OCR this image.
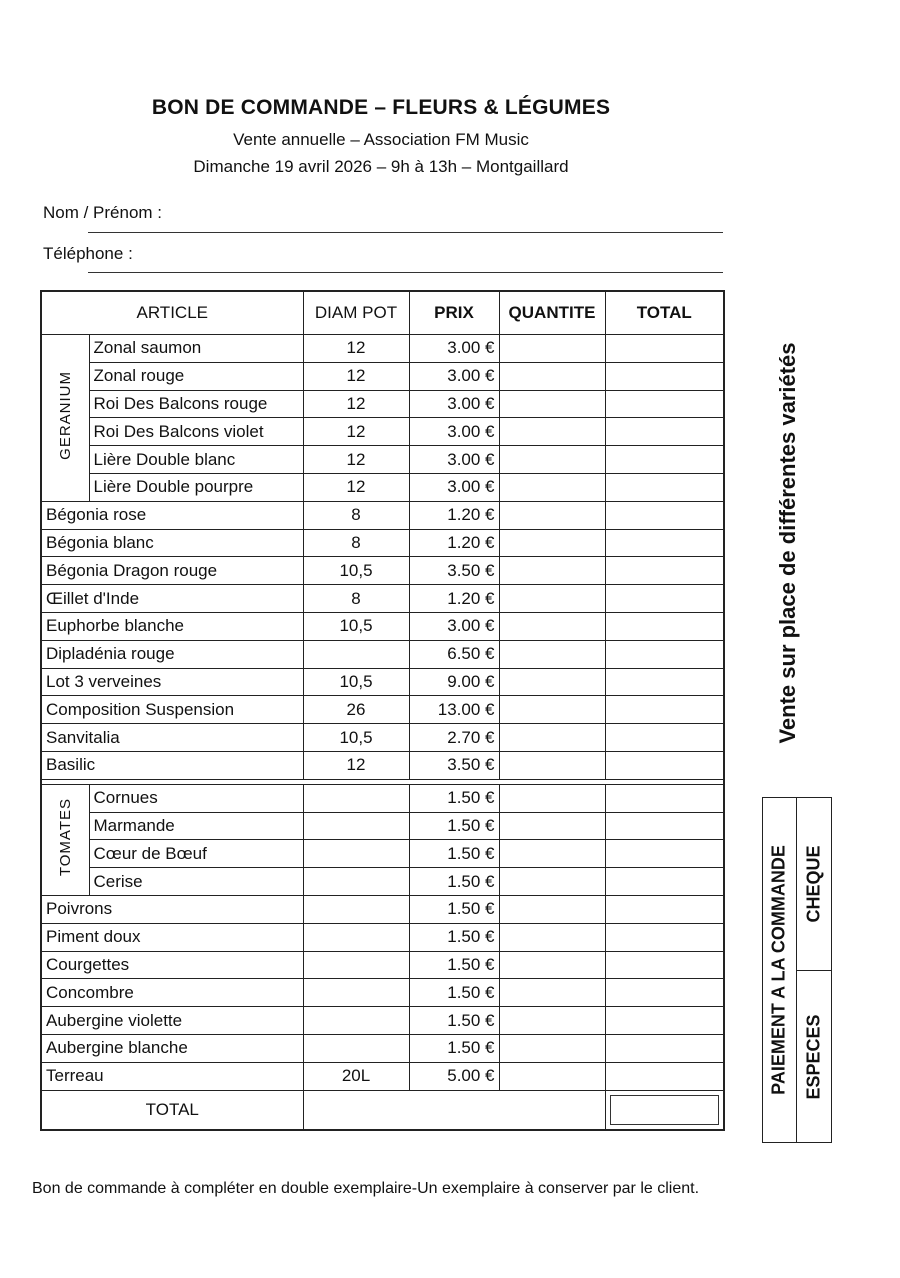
BON DE COMMANDE – FLEURS & LÉGUMES
Vente annuelle – Association FM Music
Dimanche 19 avril 2026 – 9h à 13h – Montgaillard
Nom / Prénom :
Téléphone :
ARTICLE		DIAM POT	PRIX	QUANTITE	TOTAL
GERANIUM	Zonal saumon	12	3.00 €		
	Zonal rouge	12	3.00 €		
	Roi Des Balcons rouge	12	3.00 €		
	Roi Des Balcons violet	12	3.00 €		
	Lière Double blanc	12	3.00 €		
	Lière Double pourpre	12	3.00 €		
Bégonia rose		8	1.20 €		
Bégonia blanc		8	1.20 €		
Bégonia Dragon rouge		10,5	3.50 €		
Œillet d'Inde		8	1.20 €		
Euphorbe blanche		10,5	3.00 €		
Dipladénia rouge			6.50 €		
Lot 3 verveines		10,5	9.00 €		
Composition Suspension		26	13.00 €		
Sanvitalia		10,5	2.70 €		
Basilic		12	3.50 €		

TOMATES	Cornues		1.50 €		
	Marmande		1.50 €		
	Cœur de Bœuf		1.50 €		
	Cerise		1.50 €		
Poivrons			1.50 €		
Piment doux			1.50 €		
Courgettes			1.50 €		
Concombre			1.50 €		
Aubergine violette			1.50 €		
Aubergine blanche			1.50 €		
Terreau		20L	5.00 €		
TOTAL					
Vente sur place de différentes variétés
PAIEMENT A LA COMMANDE CHEQUE
ESPECES
Bon de commande à compléter en double exemplaire-Un exemplaire à conserver par le client.
